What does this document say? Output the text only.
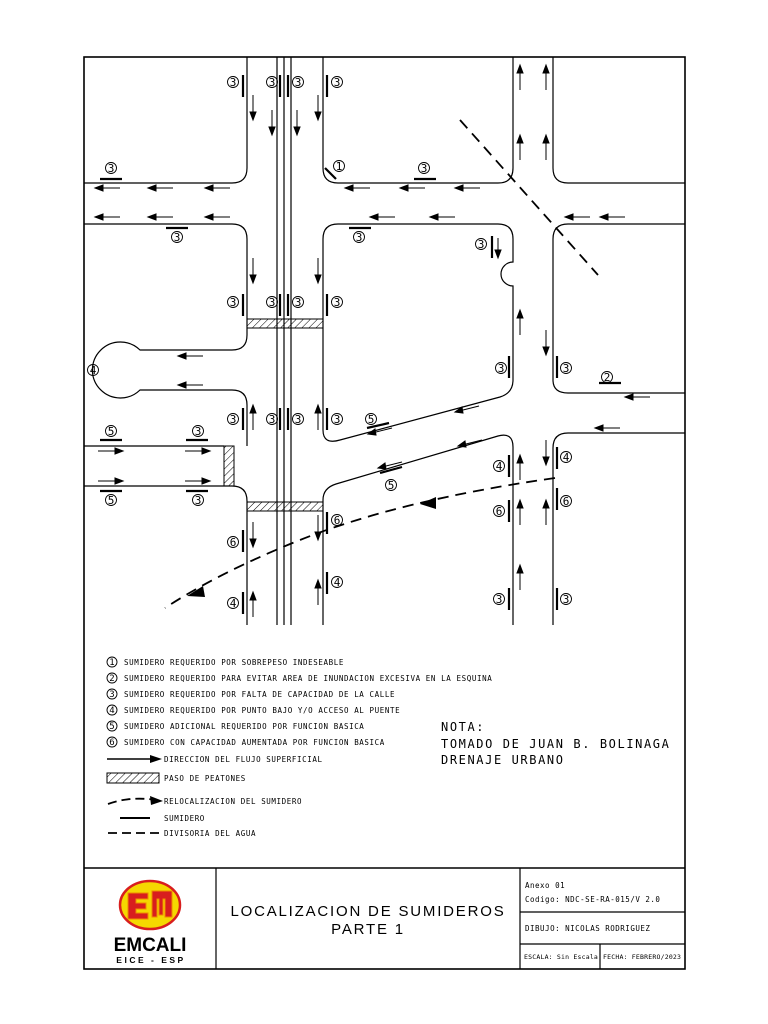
3	3 3	3
3	1	3
3	3
3
3	3 3	3
4	3	3
2
3	3 3	3 5
5	3
4
4
5
5	3
6
6
6
6
4
4	3	3
1
2
3
4
5
6
SUMIDERO REQUERIDO POR SOBREPESO INDESEABLE
SUMIDERO REQUERIDO PARA EVITAR AREA DE INUNDACION EXCESIVA EN LA ESQUINA
SUMIDERO REQUERIDO POR FALTA DE CAPACIDAD DE LA CALLE
SUMIDERO REQUERIDO POR PUNTO BAJO Y/O ACCESO AL PUENTE
SUMIDERO ADICIONAL REQUERIDO POR FUNCION BASICA
SUMIDERO CON CAPACIDAD AUMENTADA POR FUNCION BASICA
DIRECCION DEL FLUJO SUPERFICIAL
PASO DE PEATONES
RELOCALIZACION DEL SUMIDERO
SUMIDERO
DIVISORIA DEL AGUA
NOTA:
TOMADO DE JUAN B. BOLINAGA
DRENAJE URBANO
EMCALI
EICE - ESP
LOCALIZACION DE SUMIDEROS
PARTE 1
Anexo 01
Codigo: NDC-SE-RA-015/V 2.0
DIBUJO: NICOLAS RODRIGUEZ
ESCALA: Sin Escala FECHA: FEBRERO/2023
